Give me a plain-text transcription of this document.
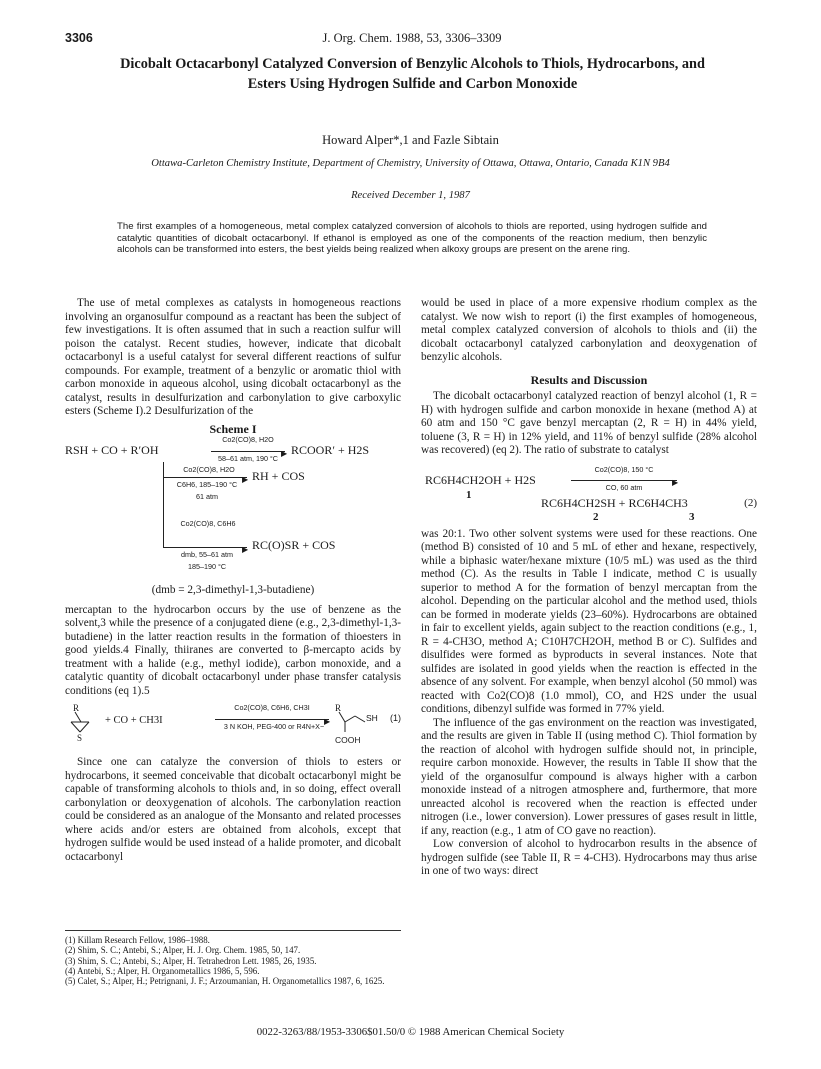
3306	J. Org. Chem. 1988, 53, 3306–3309
Dicobalt Octacarbonyl Catalyzed Conversion of Benzylic Alcohols to Thiols, Hydrocarbons, and Esters Using Hydrogen Sulfide and Carbon Monoxide
Howard Alper*,1 and Fazle Sibtain
Ottawa-Carleton Chemistry Institute, Department of Chemistry, University of Ottawa, Ottawa, Ontario, Canada K1N 9B4
Received December 1, 1987
The first examples of a homogeneous, metal complex catalyzed conversion of alcohols to thiols are reported, using hydrogen sulfide and catalytic quantities of dicobalt octacarbonyl. If ethanol is employed as one of the components of the reaction medium, then benzylic alcohols can be transformed into esters, the best yields being realized when alkoxy groups are present on the arene ring.

The use of metal complexes as catalysts in homogeneous reactions involving an organosulfur compound as a reactant has been the subject of few investigations. It is often assumed that in such a reaction sulfur will poison the catalyst. Recent studies, however, indicate that dicobalt octacarbonyl is a useful catalyst for several different reactions of sulfur compounds. For example, treatment of a benzylic or aromatic thiol with carbon monoxide in aqueous alcohol, using dicobalt octacarbonyl as the catalyst, results in desulfurization and carbonylation to give carboxylic esters (Scheme I).2 Desulfurization of the

Scheme I
RSH + CO + R′OH
Co2(CO)8, H2O
▶
58–61 atm, 190 °C
RCOOR′ + H2S
Co2(CO)8, H2O
▶
C6H6, 185–190 °C
61 atm
RH + COS
Co2(CO)8, C6H6
▶
dmb, 55–61 atm
185–190 °C
RC(O)SR + COS
(dmb = 2,3-dimethyl-1,3-butadiene)

mercaptan to the hydrocarbon occurs by the use of benzene as the solvent,3 while the presence of a conjugated diene (e.g., 2,3-dimethyl-1,3-butadiene) in the latter reaction results in the formation of thioesters in good yields.4 Finally, thiiranes are converted to β-mercapto acids by treatment with a halide (e.g., methyl iodide), carbon monoxide, and a catalytic quantity of dicobalt octacarbonyl under phase transfer catalysis conditions (eq 1).5

R
S
+ CO + CH3I
Co2(CO)8, C6H6, CH3I
▶
3 N KOH, PEG-400 or R4N+X−
R
SH
COOH
(1)

Since one can catalyze the conversion of thiols to esters or hydrocarbons, it seemed conceivable that dicobalt octacarbonyl might be capable of transforming alcohols to thiols and, in so doing, effect overall carbonylation or deoxygenation of alcohols. The carbonylation reaction could be considered as an analogue of the Monsanto and related processes where acids and/or esters are obtained from alcohols, except that hydrogen sulfide would be used instead of a halide promoter, and dicobalt octacarbonyl

would be used in place of a more expensive rhodium complex as the catalyst. We now wish to report (i) the first examples of homogeneous, metal complex catalyzed conversion of alcohols to thiols and (ii) the dicobalt octacarbonyl catalyzed carbonylation and deoxygenation of benzylic alcohols.

Results and Discussion

The dicobalt octacarbonyl catalyzed reaction of benzyl alcohol (1, R = H) with hydrogen sulfide and carbon monoxide in hexane (method A) at 60 atm and 150 °C gave benzyl mercaptan (2, R = H) in 44% yield, toluene (3, R = H) in 12% yield, and 11% of benzyl sulfide (28% alcohol was recovered) (eq 2). The ratio of substrate to catalyst

RC6H4CH2OH + H2S
1
Co2(CO)8, 150 °C
▶
CO, 60 atm
RC6H4CH2SH + RC6H4CH3
2	3
(2)

was 20:1. Two other solvent systems were used for these reactions. One (method B) consisted of 10 and 5 mL of ether and hexane, respectively, while a biphasic water/hexane mixture (10/5 mL) was used as the third method (C). As the results in Table I indicate, method C is usually superior to method A for the formation of benzyl mercaptan from the alcohol. Depending on the particular alcohol and the method used, thiols can be formed in moderate yields (23–60%). Hydrocarbons are obtained in fair to excellent yields, again subject to the reaction conditions (e.g., 1, R = 4-CH3O, method A; C10H7CH2OH, method B or C). Sulfides and disulfides were formed as byproducts in several instances. Note that sulfides are isolated in good yields when the reaction is effected in the absence of any solvent. For example, when benzyl alcohol (50 mmol) was reacted with Co2(CO)8 (1.0 mmol), CO, and H2S under the usual conditions, dibenzyl sulfide was formed in 77% yield.

The influence of the gas environment on the reaction was investigated, and the results are given in Table II (using method C). Thiol formation by the reaction of alcohol with hydrogen sulfide should not, in principle, require carbon monoxide. However, the results in Table II show that the yield of the organosulfur compound is always higher with a carbon monoxide instead of a nitrogen atmosphere and, furthermore, that more unreacted alcohol is recovered when the reaction is effected under nitrogen (i.e., lower conversion). Lower pressures of gases result in little, if any, reaction (e.g., 1 atm of CO gave no reaction).

Low conversion of alcohol to hydrocarbon results in the absence of hydrogen sulfide (see Table II, R = 4-CH3). Hydrocarbons may thus arise in one of two ways: direct

(1) Killam Research Fellow, 1986–1988.
(2) Shim, S. C.; Antebi, S.; Alper, H. J. Org. Chem. 1985, 50, 147.
(3) Shim, S. C.; Antebi, S.; Alper, H. Tetrahedron Lett. 1985, 26, 1935.
(4) Antebi, S.; Alper, H. Organometallics 1986, 5, 596.
(5) Calet, S.; Alper, H.; Petrignani, J. F.; Arzoumanian, H. Organometallics 1987, 6, 1625.
0022-3263/88/1953-3306$01.50/0 © 1988 American Chemical Society
